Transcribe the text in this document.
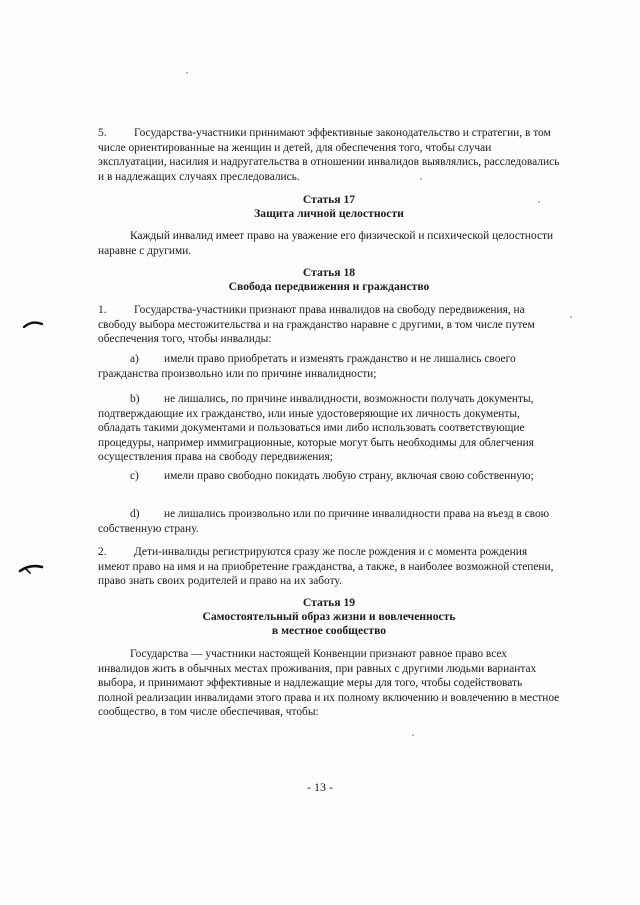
5. Государства-участники принимают эффективные законодательство и стратегии, в том числе ориентированные на женщин и детей, для обеспечения того, чтобы случаи эксплуатации, насилия и надругательства в отношении инвалидов выявлялись, расследовались и в надлежащих случаях преследовались.

Статья 17
Защита личной целостности

Каждый инвалид имеет право на уважение его физической и психической целостности наравне с другими.

Статья 18
Свобода передвижения и гражданство

1. Государства-участники признают права инвалидов на свободу передвижения, на свободу выбора местожительства и на гражданство наравне с другими, в том числе путем обеспечения того, чтобы инвалиды:

a) имели право приобретать и изменять гражданство и не лишались своего гражданства произвольно или по причине инвалидности;

b) не лишались, по причине инвалидности, возможности получать документы, подтверждающие их гражданство, или иные удостоверяющие их личность документы, обладать такими документами и пользоваться ими либо использовать соответствующие процедуры, например иммиграционные, которые могут быть необходимы для облегчения осуществления права на свободу передвижения;

c) имели право свободно покидать любую страну, включая свою собственную;

d) не лишались произвольно или по причине инвалидности права на въезд в свою собственную страну.

2. Дети-инвалиды регистрируются сразу же после рождения и с момента рождения имеют право на имя и на приобретение гражданства, а также, в наиболее возможной степени, право знать своих родителей и право на их заботу.

Статья 19
Самостоятельный образ жизни и вовлеченность
в местное сообщество

Государства — участники настоящей Конвенции признают равное право всех инвалидов жить в обычных местах проживания, при равных с другими людьми вариантах выбора, и принимают эффективные и надлежащие меры для того, чтобы содействовать полной реализации инвалидами этого права и их полному включению и вовлечению в местное сообщество, в том числе обеспечивая, чтобы:

- 13 -
